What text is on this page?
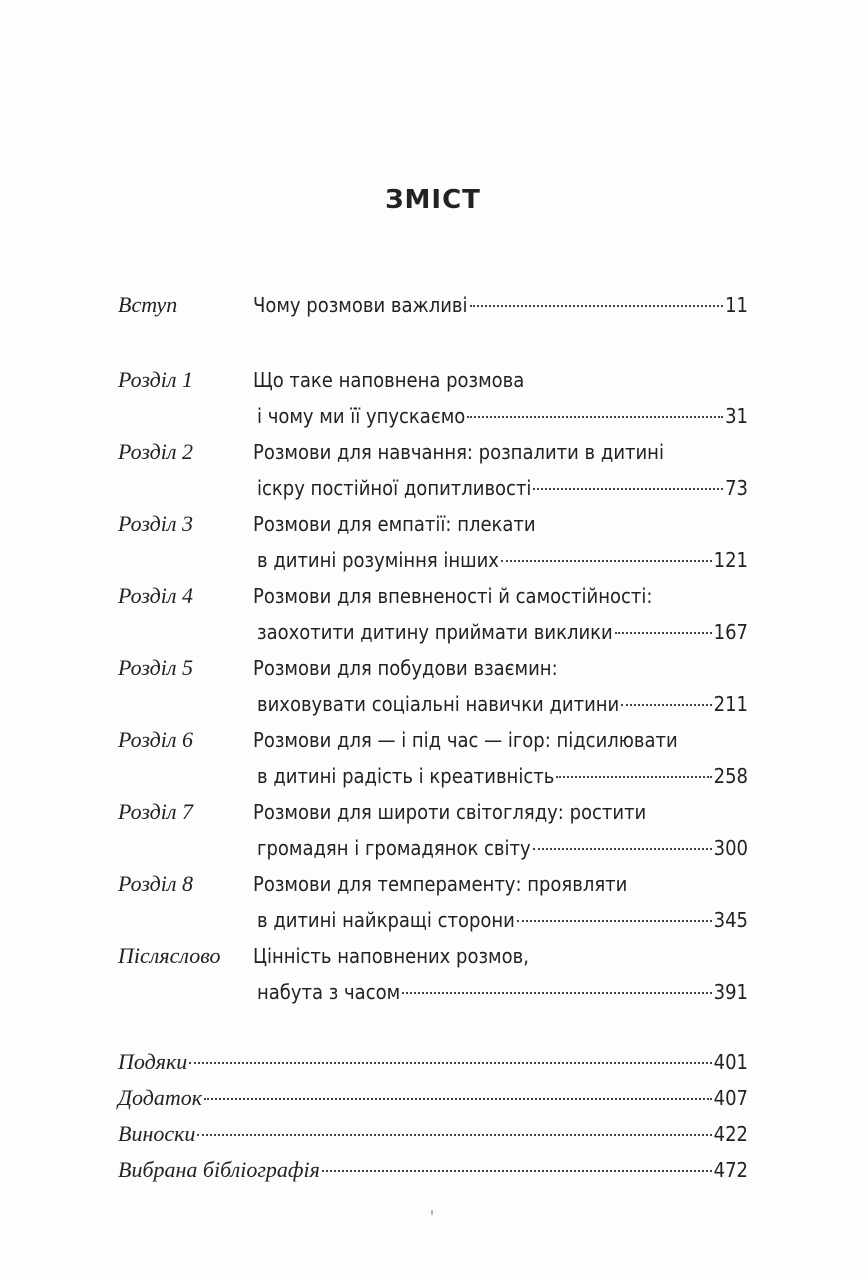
ЗМІСТ
Вступ	Чому розмови важливі	11
Розділ 1	Що таке наповнена розмова
і чому ми її упускаємо	31
Розділ 2	Розмови для навчання: розпалити в дитині
іскру постійної допитливості	73
Розділ 3	Розмови для емпатії: плекати
в дитині розуміння інших	121
Розділ 4	Розмови для впевненості й самостійності:
заохотити дитину приймати виклики	167
Розділ 5	Розмови для побудови взаємин:
виховувати соціальні навички дитини	211
Розділ 6	Розмови для — і під час — ігор: підсилювати
в дитині радість і креативність	258
Розділ 7	Розмови для широти світогляду: ростити
громадян і громадянок світу	300
Розділ 8	Розмови для темпераменту: проявляти
в дитині найкращі сторони	345
Післяслово	Цінність наповнених розмов,
набута з часом	391
Подяки	401
Додаток	407
Виноски	422
Вибрана бібліографія	472
